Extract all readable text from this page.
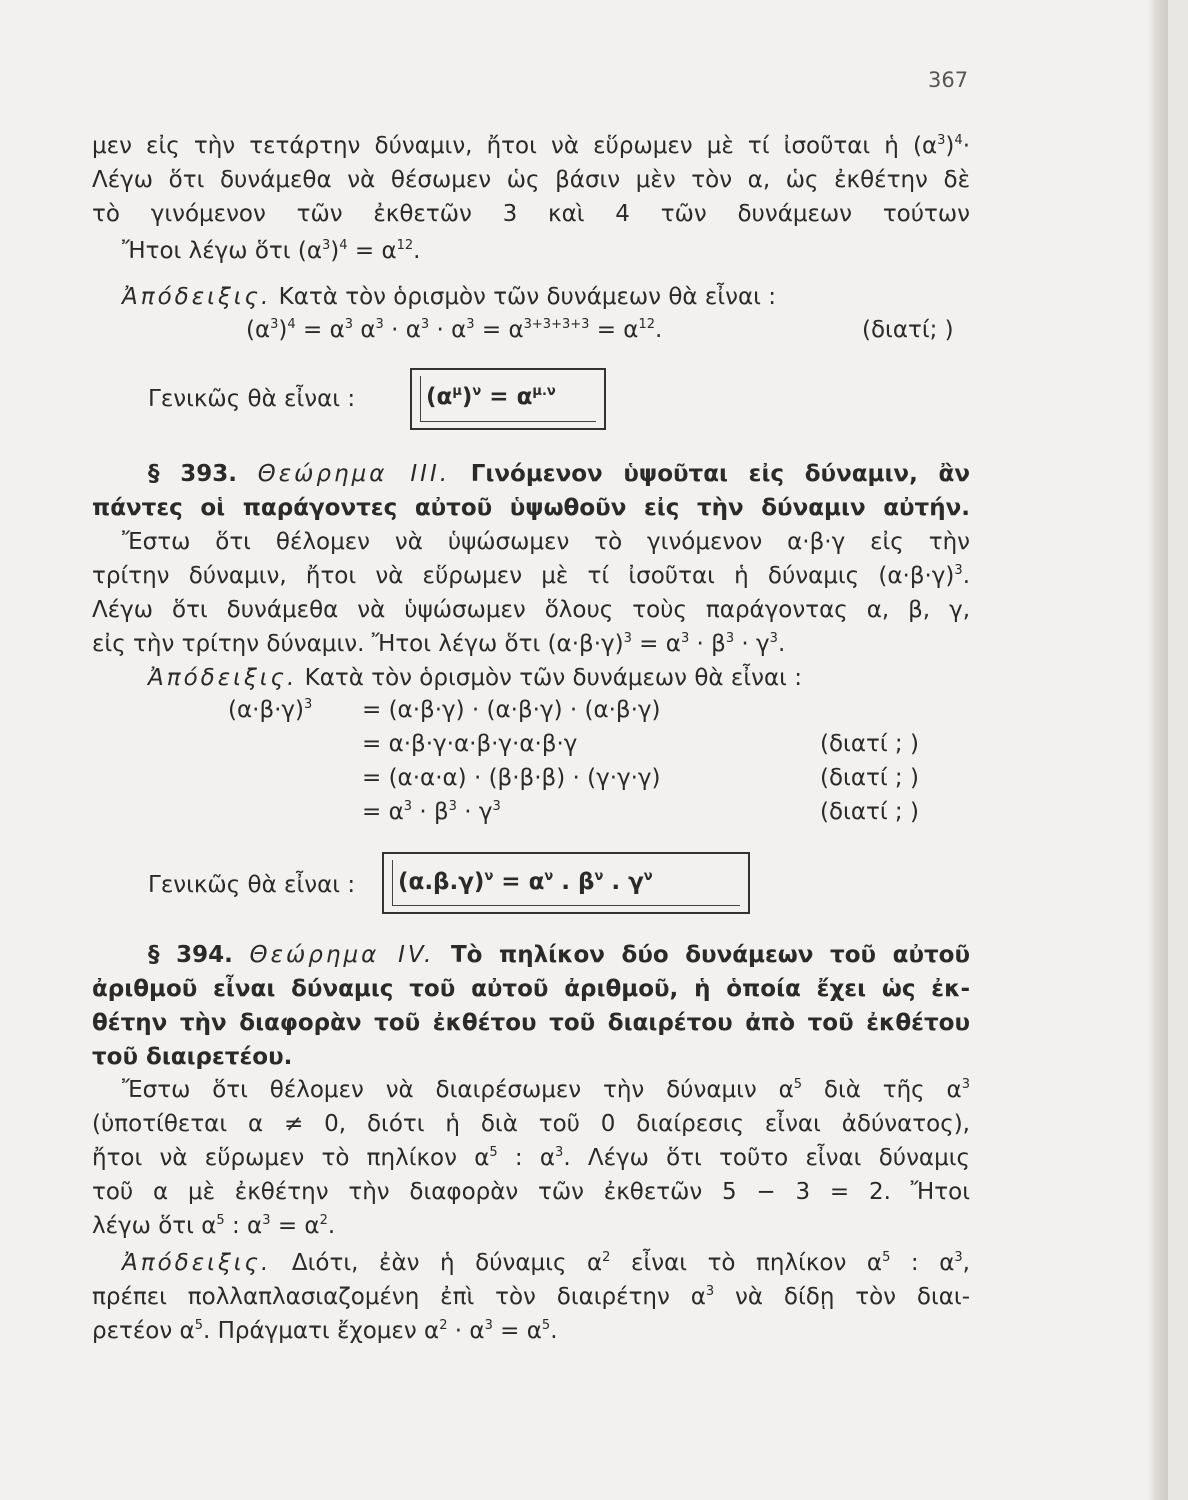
367
μεν εἰς τὴν τετάρτην δύναμιν, ἤτοι νὰ εὕρωμεν μὲ τί ἰσοῦται ἡ $(\alpha^3)^4\cdot$
Λέγω ὅτι δυνάμεθα νὰ θέσωμεν ὡς βάσιν μὲν τὸν α, ὡς ἐκθέτην δὲ
τὸ γινόμενον τῶν ἐκθετῶν 3 καὶ 4 τῶν δυνάμεων τούτων
Ἤτοι λέγω ὅτι $(\alpha^3)^4 = \alpha^{12}$.
Ἀπόδειξις. Κατὰ τὸν ὁρισμὸν τῶν δυνάμεων θὰ εἶναι :
$(\alpha^3)^4 = \alpha^3$ $\alpha^3 \cdot \alpha^3 \cdot \alpha^3 = \alpha^{3+3+3+3} = \alpha^{12}$.	(διατί; )
Γενικῶς θὰ εἶναι :	$(\alpha^\mu)^\nu = \alpha^{\mu.\nu}$
§ 393. Θεώρημα III. Γινόμενον ὑψοῦται εἰς δύναμιν, ἂν
πάντες οἱ παράγοντες αὐτοῦ ὑψωθοῦν εἰς τὴν δύναμιν αὐτήν.
Ἔστω ὅτι θέλομεν νὰ ὑψώσωμεν τὸ γινόμενον α·β·γ εἰς τὴν
τρίτην δύναμιν, ἤτοι νὰ εὕρωμεν μὲ τί ἰσοῦται ἡ δύναμις $(\alpha\cdot\beta\cdot\gamma)^3$.
Λέγω ὅτι δυνάμεθα νὰ ὑψώσωμεν ὅλους τοὺς παράγοντας α, β, γ,
εἰς τὴν τρίτην δύναμιν. Ἤτοι λέγω ὅτι $(\alpha\cdot\beta\cdot\gamma)^3 = \alpha^3 \cdot \beta^3 \cdot \gamma^3$.
Ἀπόδειξις. Κατὰ τὸν ὁρισμὸν τῶν δυνάμεων θὰ εἶναι :
$(\alpha\cdot\beta\cdot\gamma)^3 = (\alpha\cdot\beta\cdot\gamma) \cdot (\alpha\cdot\beta\cdot\gamma) \cdot (\alpha\cdot\beta\cdot\gamma)$
= α·β·γ·α·β·γ·α·β·γ	(διατί ; )
= (α·α·α) · (β·β·β) · (γ·γ·γ)	(διατί ; )
= $\alpha^3 \cdot \beta^3 \cdot \gamma^3$	(διατί ; )
Γενικῶς θὰ εἶναι : $(\alpha.\beta.\gamma)^\nu = \alpha^\nu$ . $\beta^\nu$ . $\gamma^\nu$
§ 394. Θεώρημα IV. Τὸ πηλίκον δύο δυνάμεων τοῦ αὐτοῦ
ἀριθμοῦ εἶναι δύναμις τοῦ αὐτοῦ ἀριθμοῦ, ἡ ὁποία ἔχει ὡς ἐκ-
θέτην τὴν διαφορὰν τοῦ ἐκθέτου τοῦ διαιρέτου ἀπὸ τοῦ ἐκθέτου
τοῦ διαιρετέου.
Ἔστω ὅτι θέλομεν νὰ διαιρέσωμεν τὴν δύναμιν $\alpha^5$ διὰ τῆς $\alpha^3$
(ὑποτίθεται α ≠ 0, διότι ἡ διὰ τοῦ 0 διαίρεσις εἶναι ἀδύνατος),
ἤτοι νὰ εὕρωμεν τὸ πηλίκον $\alpha^5$ : $\alpha^3$. Λέγω ὅτι τοῦτο εἶναι δύναμις
τοῦ α μὲ ἐκθέτην τὴν διαφορὰν τῶν ἐκθετῶν 5 − 3 = 2. Ἤτοι
λέγω ὅτι $\alpha^5$ : $\alpha^3 = \alpha^2$.
Ἀπόδειξις. Διότι, ἐὰν ἡ δύναμις $\alpha^2$ εἶναι τὸ πηλίκον $\alpha^5$ : $\alpha^3$,
πρέπει πολλαπλασιαζομένη ἐπὶ τὸν διαιρέτην $\alpha^3$ νὰ δίδῃ τὸν διαι-
ρετέον $\alpha^5$. Πράγματι ἔχομεν $\alpha^2 \cdot \alpha^3 = \alpha^5$.
